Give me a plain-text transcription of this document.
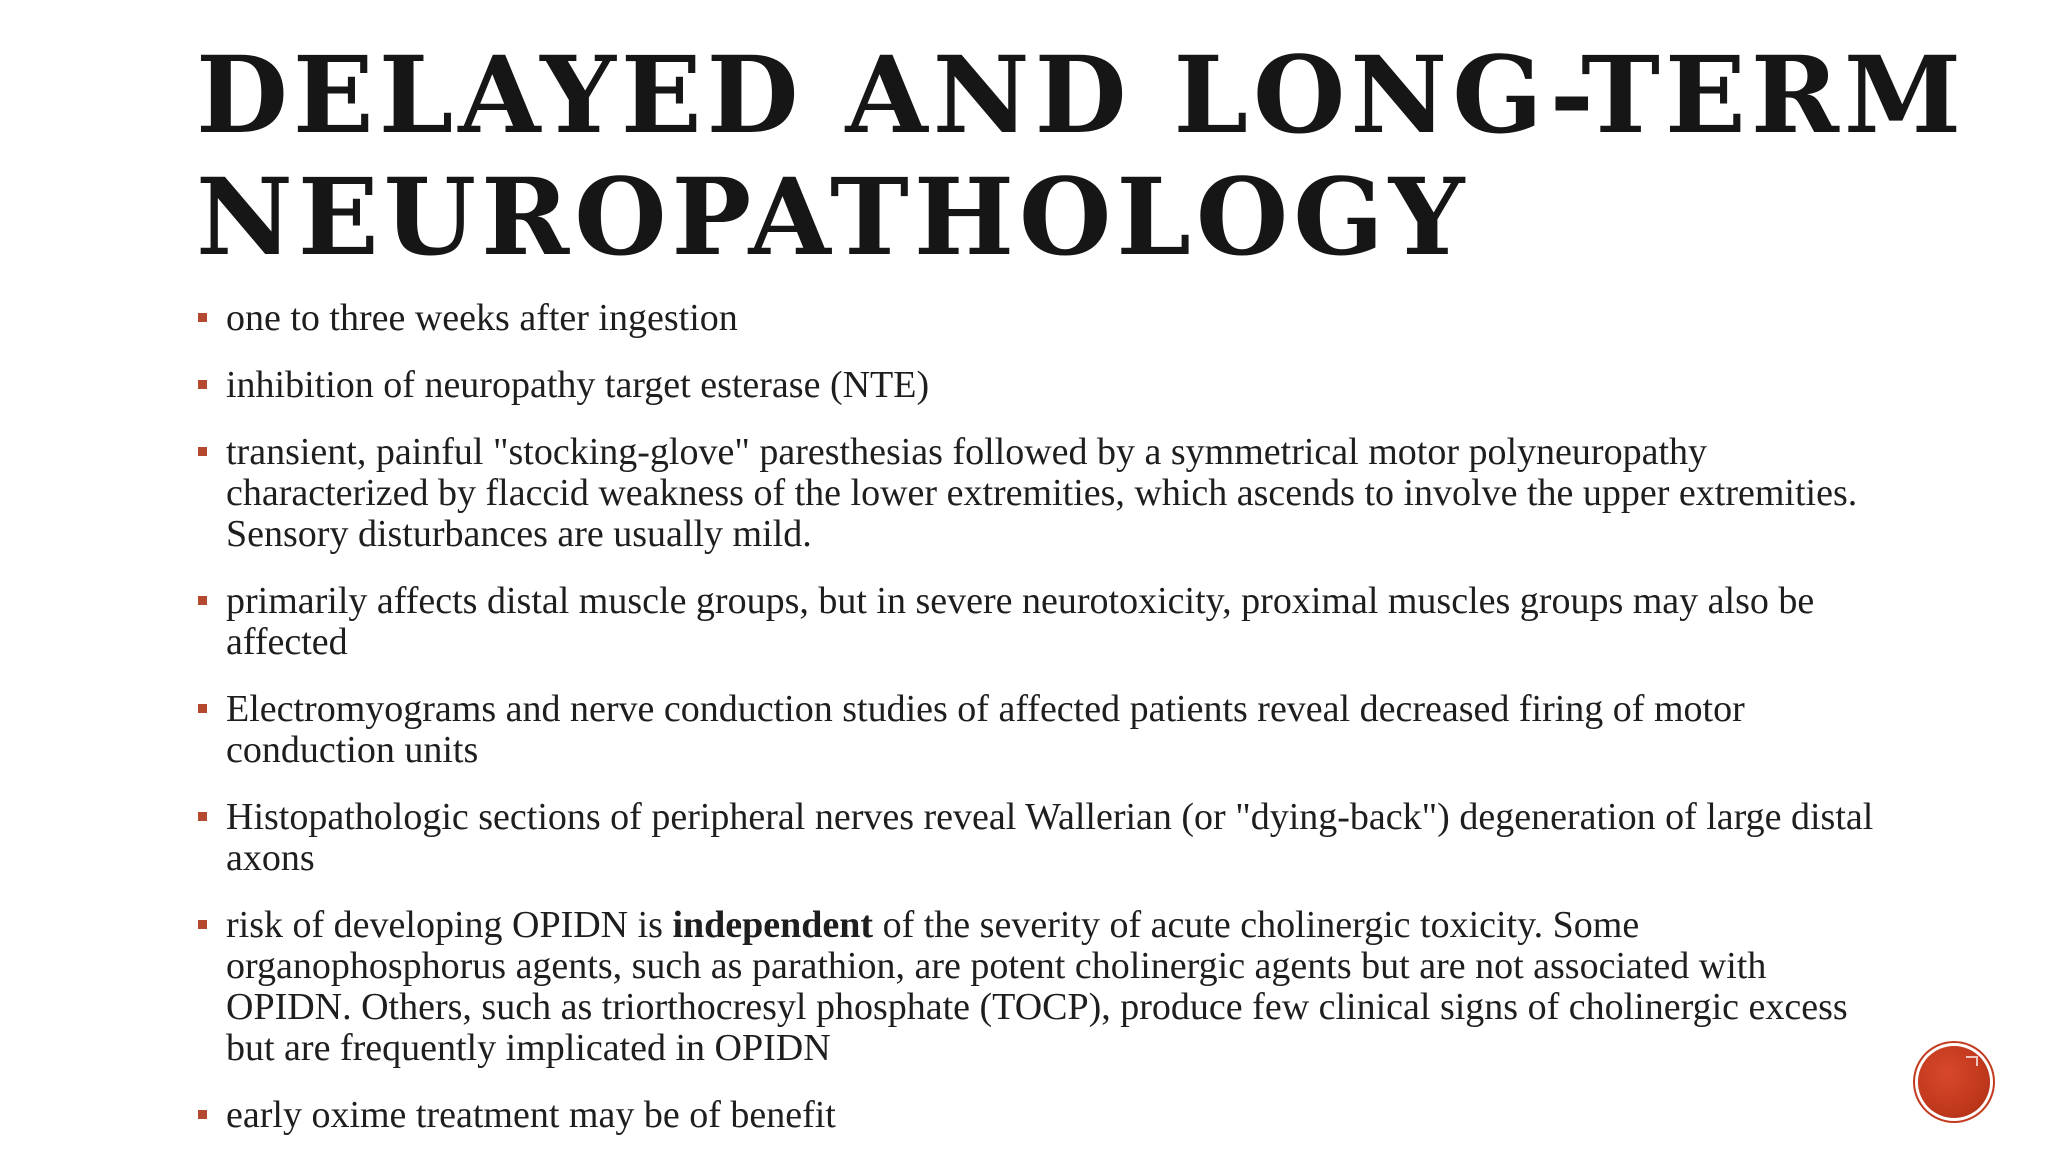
DELAYED AND LONG-TERM
NEUROPATHOLOGY
one to three weeks after ingestion
inhibition of neuropathy target esterase (NTE)
transient, painful "stocking-glove" paresthesias followed by a symmetrical motor polyneuropathy characterized by flaccid weakness of the lower extremities, which ascends to involve the upper extremities. Sensory disturbances are usually mild.
primarily affects distal muscle groups, but in severe neurotoxicity, proximal muscles groups may also be affected
Electromyograms and nerve conduction studies of affected patients reveal decreased firing of motor conduction units
Histopathologic sections of peripheral nerves reveal Wallerian (or "dying-back") degeneration of large distal axons
risk of developing OPIDN is independent of the severity of acute cholinergic toxicity. Some organophosphorus agents, such as parathion, are potent cholinergic agents but are not associated with OPIDN. Others, such as triorthocresyl phosphate (TOCP), produce few clinical signs of cholinergic excess but are frequently implicated in OPIDN
early oxime treatment may be of benefit
